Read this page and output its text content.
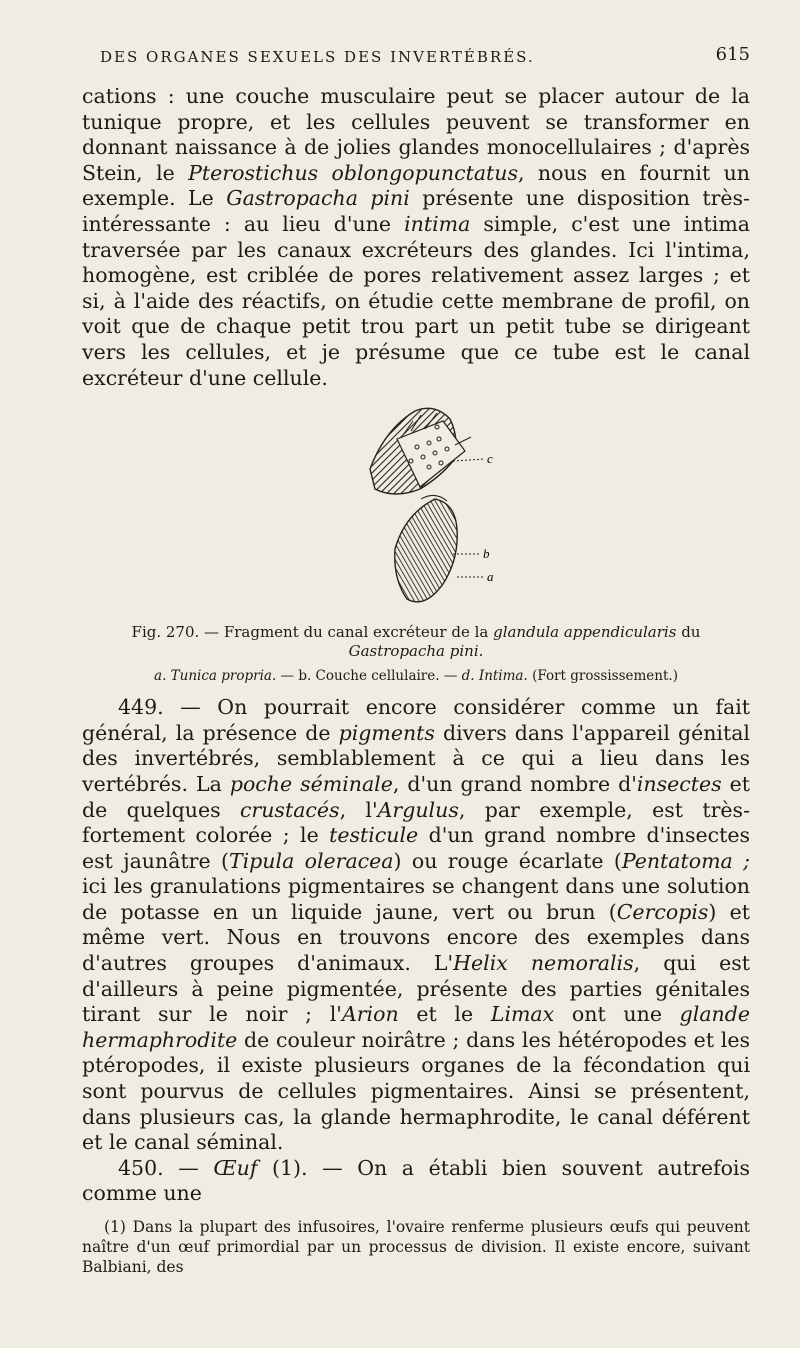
DES ORGANES SEXUELS DES INVERTÉBRÉS.	615

cations : une couche musculaire peut se placer autour de la tunique propre, et les cellules peuvent se transformer en donnant naissance à de jolies glandes monocellulaires ; d'après Stein, le Pterostichus oblongopunctatus, nous en fournit un exemple. Le Gastropacha pini présente une disposition très-intéressante : au lieu d'une intima simple, c'est une intima traversée par les canaux excréteurs des glandes. Ici l'intima, homogène, est criblée de pores relativement assez larges ; et si, à l'aide des réactifs, on étudie cette membrane de profil, on voit que de chaque petit trou part un petit tube se dirigeant vers les cellules, et je présume que ce tube est le canal excréteur d'une cellule.

c
b
a
Fig. 270. — Fragment du canal excréteur de la glandula appendicularis du Gastropacha pini.
a. Tunica propria. — b. Couche cellulaire. — d. Intima. (Fort grossissement.)

449. — On pourrait encore considérer comme un fait général, la présence de pigments divers dans l'appareil génital des invertébrés, semblablement à ce qui a lieu dans les vertébrés. La poche séminale, d'un grand nombre d'insectes et de quelques crustacés, l'Argulus, par exemple, est très-fortement colorée ; le testicule d'un grand nombre d'insectes est jaunâtre (Tipula oleracea) ou rouge écarlate (Pentatoma ; ici les granulations pigmentaires se changent dans une solution de potasse en un liquide jaune, vert ou brun (Cercopis) et même vert. Nous en trouvons encore des exemples dans d'autres groupes d'animaux. L'Helix nemoralis, qui est d'ailleurs à peine pigmentée, présente des parties génitales tirant sur le noir ; l'Arion et le Limax ont une glande hermaphrodite de couleur noirâtre ; dans les hétéropodes et les ptéropodes, il existe plusieurs organes de la fécondation qui sont pourvus de cellules pigmentaires. Ainsi se présentent, dans plusieurs cas, la glande hermaphrodite, le canal déférent et le canal séminal.

450. — Œuf (1). — On a établi bien souvent autrefois comme une

(1) Dans la plupart des infusoires, l'ovaire renferme plusieurs œufs qui peuvent naître d'un œuf primordial par un processus de division. Il existe encore, suivant Balbiani, des
